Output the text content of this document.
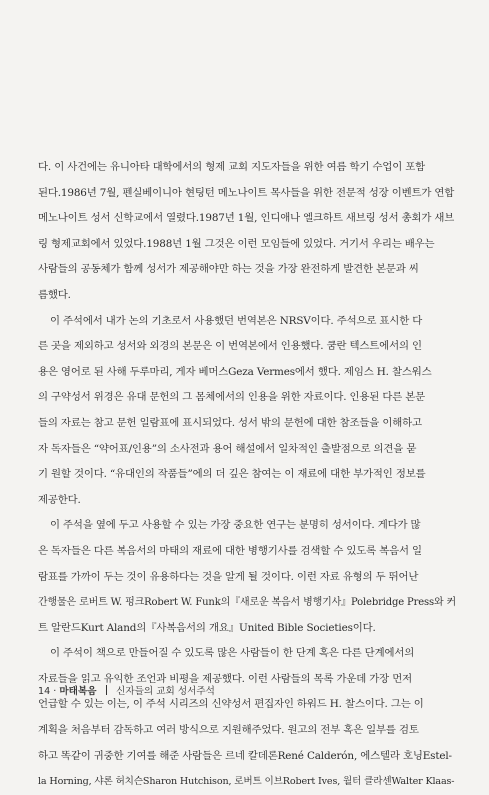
다. 이 사건에는 유니아타 대학에서의 형제 교회 지도자들을 위한 여름 학기 수업이 포함
된다.1986년 7월, 펜실베이니아 현팅턴 메노나이트 목사들을 위한 전문적 성장 이벤트가 연합
메노나이트 성서 신학교에서 열렸다.1987년 1월, 인디애나 엘크하트 새브링 성서 총회가 새브
링 형제교회에서 있었다.1988년 1월 그것은 이런 모임들에 있었다. 거기서 우리는 배우는
사람들의 공동체가 함께 성서가 제공해야만 하는 것을 가장 완전하게 발견한 본문과 씨
름했다.
이 주석에서 내가 논의 기초로서 사용했던 번역본은 NRSV이다. 주석으로 표시한 다
른 곳을 제외하고 성서와 외경의 본문은 이 번역본에서 인용했다. 쿰란 텍스트에서의 인
용은 영어로 된 사해 두루마리, 게자 베머스Geza Vermes에서 했다. 제임스 H. 찰스워스
의 구약성서 위경은 유대 문헌의 그 몸체에서의 인용을 위한 자료이다. 인용된 다른 본문
들의 자료는 참고 문헌 일람표에 표시되었다. 성서 밖의 문헌에 대한 참조들을 이해하고
자 독자들은 “약어표/인용”의 소사전과 용어 해설에서 일차적인 출발점으로 의견을 묻
기 원할 것이다. “유대인의 작품들”에의 더 깊은 참여는 이 재료에 대한 부가적인 정보를
제공한다.
이 주석을 옆에 두고 사용할 수 있는 가장 중요한 연구는 분명히 성서이다. 게다가 많
은 독자들은 다른 복음서의 마태의 재료에 대한 병행기사를 검색할 수 있도록 복음서 일
람표를 가까이 두는 것이 유용하다는 것을 알게 될 것이다. 이런 자료 유형의 두 뛰어난
간행물은 로버트 W. 펑크Robert W. Funk의『새로운 복음서 병행기사』Polebridge Press와 커
트 알란드Kurt Aland의『사복음서의 개요』United Bible Societies이다.
이 주석이 책으로 만들어질 수 있도록 많은 사람들이 한 단계 혹은 다른 단계에서의
자료들을 읽고 유익한 조언과 비평을 제공했다. 이런 사람들의 목록 가운데 가장 먼저
언급할 수 있는 이는, 이 주석 시리즈의 신약성서 편집자인 하워드 H. 찰스이다. 그는 이
계획을 처음부터 감독하고 여러 방식으로 지원해주었다. 원고의 전부 혹은 일부를 검토
하고 똑같이 귀중한 기여를 해준 사람들은 르네 칼데론René Calderón, 에스텔라 호닝Estel-
la Horning, 샤론 허치슨Sharon Hutchison, 로버트 이브Robert Ives, 월터 클라센Walter Klaas-
14 · 마태복음 신자들의 교회 성서주석
